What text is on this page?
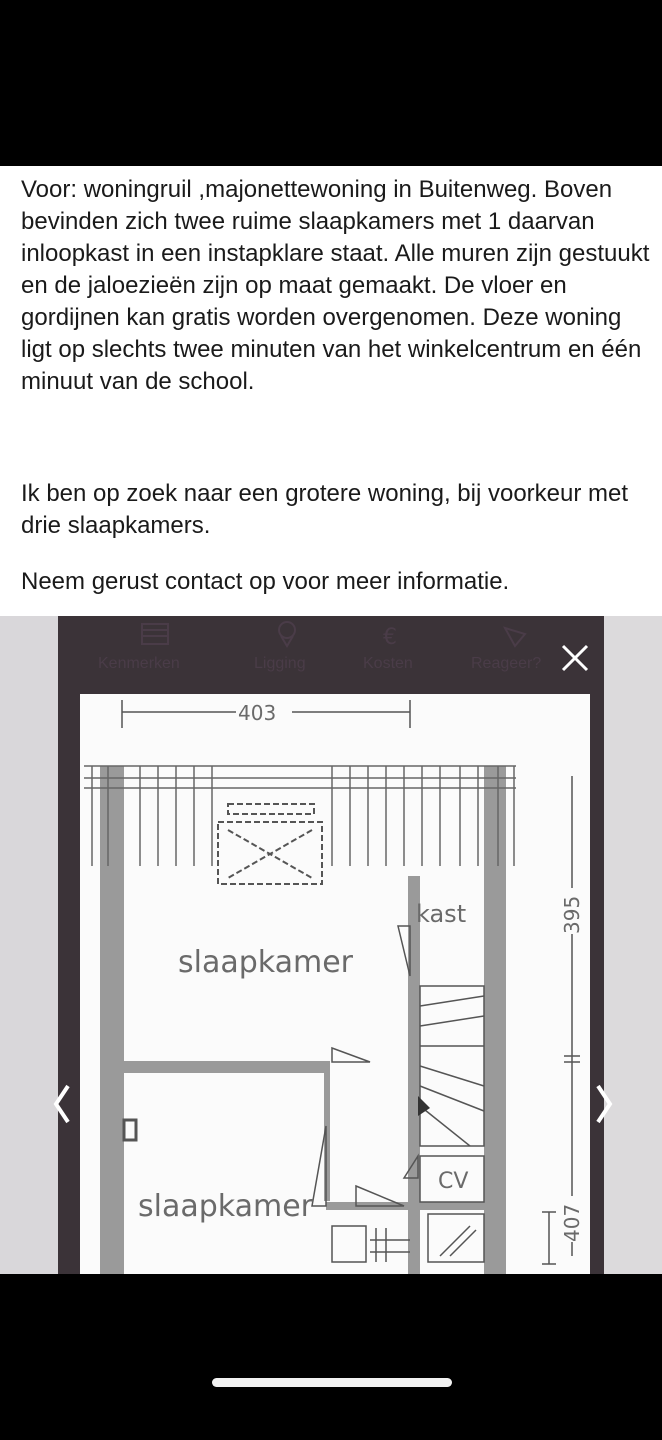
Voor: woningruil ,majonettewoning in Buitenweg. Boven bevinden zich twee ruime slaapkamers met 1 daarvan inloopkast in een instapklare staat. Alle muren zijn gestuukt en de jaloezieën zijn op maat gemaakt. De vloer en gordijnen kan gratis worden overgenomen. Deze woning ligt op slechts twee minuten van het winkelcentrum en één minuut van de school.

Ik ben op zoek naar een grotere woning, bij voorkeur met drie slaapkamers.

Neem gerust contact op voor meer informatie.

€
Kenmerken	Ligging	Kosten	Reageer?
403
kast
CV
slaapkamer
slaapkamer
395
407
